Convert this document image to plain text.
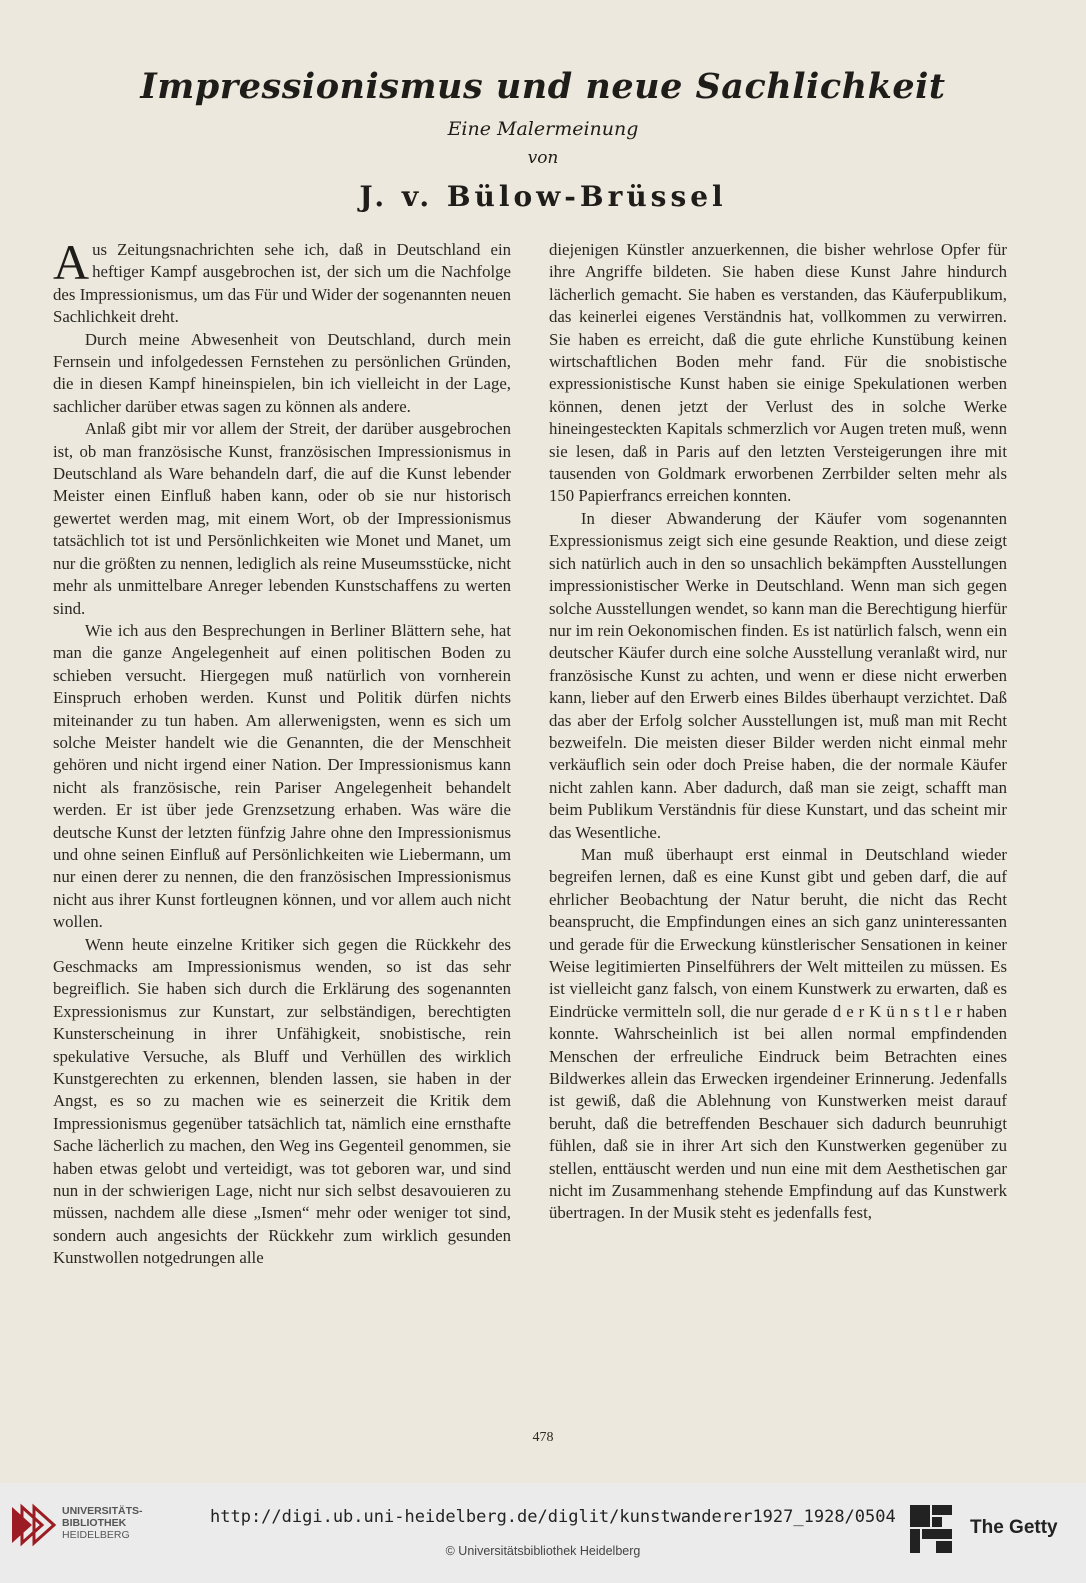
Impressionismus und neue Sachlichkeit
Eine Malermeinung
von
J. v. Bülow-Brüssel

Aus Zeitungsnachrichten sehe ich, daß in Deutschland ein heftiger Kampf ausgebrochen ist, der sich um die Nachfolge des Impressionismus, um das Für und Wider der sogenannten neuen Sachlichkeit dreht.

Durch meine Abwesenheit von Deutschland, durch mein Fernsein und infolgedessen Fernstehen zu persönlichen Gründen, die in diesen Kampf hineinspielen, bin ich vielleicht in der Lage, sachlicher darüber etwas sagen zu können als andere.

Anlaß gibt mir vor allem der Streit, der darüber ausgebrochen ist, ob man französische Kunst, französischen Impressionismus in Deutschland als Ware behandeln darf, die auf die Kunst lebender Meister einen Einfluß haben kann, oder ob sie nur historisch gewertet werden mag, mit einem Wort, ob der Impressionismus tatsächlich tot ist und Persönlichkeiten wie Monet und Manet, um nur die größten zu nennen, lediglich als reine Museumsstücke, nicht mehr als unmittelbare Anreger lebenden Kunstschaffens zu werten sind.

Wie ich aus den Besprechungen in Berliner Blättern sehe, hat man die ganze Angelegenheit auf einen politischen Boden zu schieben versucht. Hiergegen muß natürlich von vornherein Einspruch erhoben werden. Kunst und Politik dürfen nichts miteinander zu tun haben. Am allerwenigsten, wenn es sich um solche Meister handelt wie die Genannten, die der Menschheit gehören und nicht irgend einer Nation. Der Impressionismus kann nicht als französische, rein Pariser Angelegenheit behandelt werden. Er ist über jede Grenzsetzung erhaben. Was wäre die deutsche Kunst der letzten fünfzig Jahre ohne den Impressionismus und ohne seinen Einfluß auf Persönlichkeiten wie Liebermann, um nur einen derer zu nennen, die den französischen Impressionismus nicht aus ihrer Kunst fortleugnen können, und vor allem auch nicht wollen.

Wenn heute einzelne Kritiker sich gegen die Rückkehr des Geschmacks am Impressionismus wenden, so ist das sehr begreiflich. Sie haben sich durch die Erklärung des sogenannten Expressionismus zur Kunstart, zur selbständigen, berechtigten Kunsterscheinung in ihrer Unfähigkeit, snobistische, rein spekulative Versuche, als Bluff und Verhüllen des wirklich Kunstgerechten zu erkennen, blenden lassen, sie haben in der Angst, es so zu machen wie es seinerzeit die Kritik dem Impressionismus gegenüber tatsächlich tat, nämlich eine ernsthafte Sache lächerlich zu machen, den Weg ins Gegenteil genommen, sie haben etwas gelobt und verteidigt, was tot geboren war, und sind nun in der schwierigen Lage, nicht nur sich selbst desavouieren zu müssen, nachdem alle diese „Ismen“ mehr oder weniger tot sind, sondern auch angesichts der Rückkehr zum wirklich gesunden Kunstwollen notgedrungen alle

diejenigen Künstler anzuerkennen, die bisher wehrlose Opfer für ihre Angriffe bildeten. Sie haben diese Kunst Jahre hindurch lächerlich gemacht. Sie haben es verstanden, das Käuferpublikum, das keinerlei eigenes Verständnis hat, vollkommen zu verwirren. Sie haben es erreicht, daß die gute ehrliche Kunstübung keinen wirtschaftlichen Boden mehr fand. Für die snobistische expressionistische Kunst haben sie einige Spekulationen werben können, denen jetzt der Verlust des in solche Werke hineingesteckten Kapitals schmerzlich vor Augen treten muß, wenn sie lesen, daß in Paris auf den letzten Versteigerungen ihre mit tausenden von Goldmark erworbenen Zerrbilder selten mehr als 150 Papierfrancs erreichen konnten.

In dieser Abwanderung der Käufer vom sogenannten Expressionismus zeigt sich eine gesunde Reaktion, und diese zeigt sich natürlich auch in den so unsachlich bekämpften Ausstellungen impressionistischer Werke in Deutschland. Wenn man sich gegen solche Ausstellungen wendet, so kann man die Berechtigung hierfür nur im rein Oekonomischen finden. Es ist natürlich falsch, wenn ein deutscher Käufer durch eine solche Ausstellung veranlaßt wird, nur französische Kunst zu achten, und wenn er diese nicht erwerben kann, lieber auf den Erwerb eines Bildes überhaupt verzichtet. Daß das aber der Erfolg solcher Ausstellungen ist, muß man mit Recht bezweifeln. Die meisten dieser Bilder werden nicht einmal mehr verkäuflich sein oder doch Preise haben, die der normale Käufer nicht zahlen kann. Aber dadurch, daß man sie zeigt, schafft man beim Publikum Verständnis für diese Kunstart, und das scheint mir das Wesentliche.

Man muß überhaupt erst einmal in Deutschland wieder begreifen lernen, daß es eine Kunst gibt und geben darf, die auf ehrlicher Beobachtung der Natur beruht, die nicht das Recht beansprucht, die Empfindungen eines an sich ganz uninteressanten und gerade für die Erweckung künstlerischer Sensationen in keiner Weise legitimierten Pinselführers der Welt mitteilen zu müssen. Es ist vielleicht ganz falsch, von einem Kunstwerk zu erwarten, daß es Eindrücke vermitteln soll, die nur gerade d e r K ü n s t l e r haben konnte. Wahrscheinlich ist bei allen normal empfindenden Menschen der erfreuliche Eindruck beim Betrachten eines Bildwerkes allein das Erwecken irgendeiner Erinnerung. Jedenfalls ist gewiß, daß die Ablehnung von Kunstwerken meist darauf beruht, daß die betreffenden Beschauer sich dadurch beunruhigt fühlen, daß sie in ihrer Art sich den Kunstwerken gegenüber zu stellen, enttäuscht werden und nun eine mit dem Aesthetischen gar nicht im Zusammenhang stehende Empfindung auf das Kunstwerk übertragen. In der Musik steht es jedenfalls fest,

478
UNIVERSITÄTS-
BIBLIOTHEK
HEIDELBERG
http://digi.ub.uni-heidelberg.de/diglit/kunstwanderer1927_1928/0504
© Universitätsbibliothek Heidelberg
The Getty
